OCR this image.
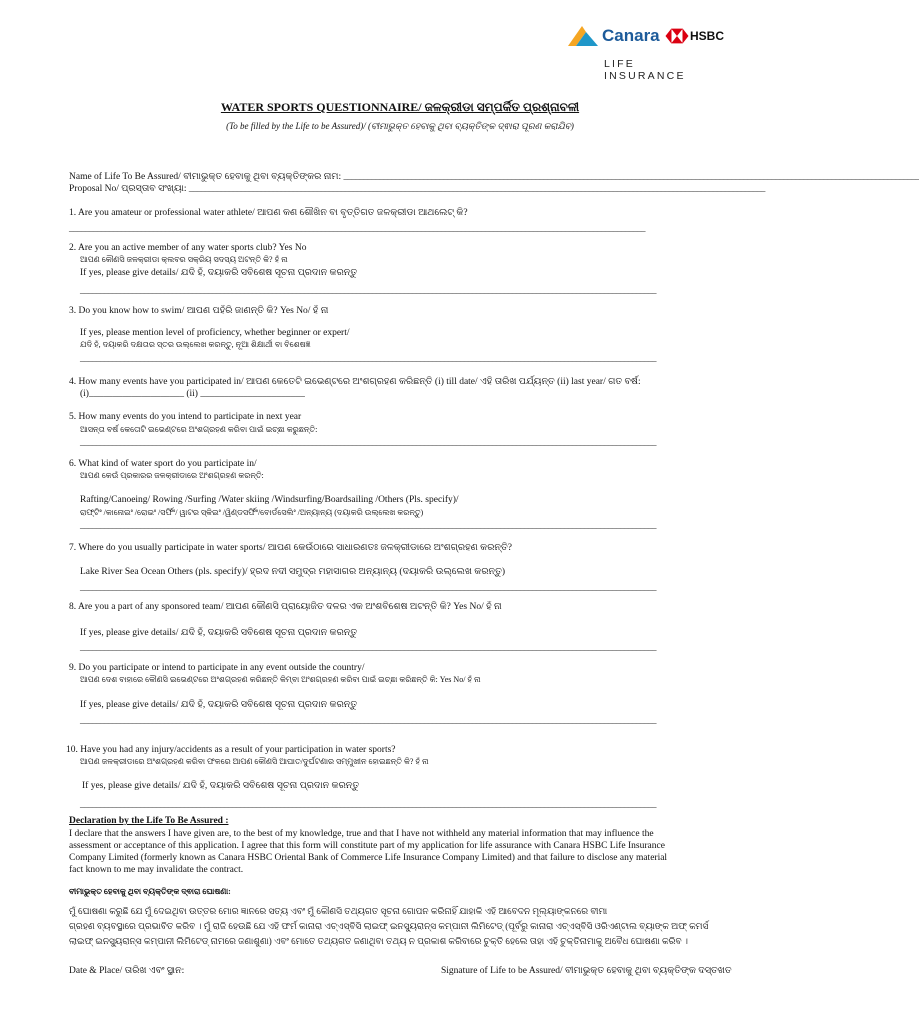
Canara	HSBC
LIFE INSURANCE
WATER SPORTS QUESTIONNAIRE/ ଜଳକ୍ରୀଡା ସମ୍ପର୍କିତ ପ୍ରଶ୍ନାବଳୀ
(To be filled by the Life to be Assured)/ (ବୀମାଭୁକ୍ତ ହେବାକୁ ଥିବା ବ୍ୟକ୍ତିଙ୍କ ଦ୍ଵାରା ପୂରଣ କରାଯିବ)
Name of Life To Be Assured/ ବୀମାଭୁକ୍ତ ହେବାକୁ ଥିବା ବ୍ୟକ୍ତିଙ୍କର ନାମ: ________________________________________________________________________________________________________________________________________________
Proposal No/ ପ୍ରସ୍ତାବ ସଂଖ୍ୟା: ________________________________________________________________________________________________________________________________________________
1. Are you amateur or professional water athlete/ ଆପଣ କଣ ଶୌଖିନ ବା ବୃତ୍ତିଗତ ଜଳକ୍ରୀଡା ଆଥଲେଟ୍ କି?
________________________________________________________________________________________________________________________________________________
2. Are you an active member of any water sports club? Yes No
ଆପଣ କୌଣସି ଜଳକ୍ରୀଡା କ୍ଲବର ସକ୍ରିୟ ସଦସ୍ୟ ଅଟନ୍ତି କି? ହଁ ନା
If yes, please give details/ ଯଦି ହଁ, ଦୟାକରି ସବିଶେଷ ସୂଚନା ପ୍ରଦାନ କରନ୍ତୁ
________________________________________________________________________________________________________________________________________________
3. Do you know how to swim/ ଆପଣ ପହଁରି ଜାଣନ୍ତି କି? Yes No/ ହଁ ନା
If yes, please mention level of proficiency, whether beginner or expert/
ଯଦି ହଁ, ଦୟାକରି ଦକ୍ଷତାର ସ୍ତର ଉଲ୍ଲେଖ କରନ୍ତୁ, ନୂଆ ଶିକ୍ଷାର୍ଥୀ ବା ବିଶେଷଜ୍ଞ
________________________________________________________________________________________________________________________________________________
4. How many events have you participated in/ ଆପଣ କେତେଟି ଇଭେଣ୍ଟରେ ଅଂଶଗ୍ରହଣ କରିଛନ୍ତି (i) till date/ ଏହି ତାରିଖ ପର୍ଯ୍ୟନ୍ତ (ii) last year/ ଗତ ବର୍ଷ:
(i)____________________ (ii) ______________________
5. How many events do you intend to participate in next year
ଆସନ୍ତା ବର୍ଷ କେତୋଟି ଇଭେଣ୍ଟରେ ଅଂଶଗ୍ରହଣ କରିବା ପାଇଁ ଇଚ୍ଛା କରୁଛନ୍ତି:
________________________________________________________________________________________________________________________________________________
6. What kind of water sport do you participate in/
ଆପଣ କେଉଁ ପ୍ରକାରର ଜଳକ୍ରୀଡାରେ ଅଂଶଗ୍ରହଣ କରନ୍ତି:
Rafting/Canoeing/ Rowing /Surfing /Water skiing /Windsurfing/Boardsailing /Others (Pls. specify)/
ରାଫ୍ଟିଂ /କାନୋଇଂ /ରୋଇଂ /ସର୍ଫିଂ/ ୱାଟର ସ୍କିଇଂ /ୱିଣ୍ଡସର୍ଫିଂ/ବୋର୍ଡସେଲିଂ /ଅନ୍ୟାନ୍ୟ (ଦୟାକରି ଉଲ୍ଲେଖ କରନ୍ତୁ)
________________________________________________________________________________________________________________________________________________
7. Where do you usually participate in water sports/ ଆପଣ କେଉଁଠାରେ ସାଧାରଣତଃ ଜଳକ୍ରୀଡାରେ ଅଂଶଗ୍ରହଣ କରନ୍ତି?
Lake River Sea Ocean Others (pls. specify)/ ହ୍ରଦ ନଦୀ ସମୁଦ୍ର ମହାସାଗର ଅନ୍ୟାନ୍ୟ (ଦୟାକରି ଉଲ୍ଲେଖ କରନ୍ତୁ)
________________________________________________________________________________________________________________________________________________
8. Are you a part of any sponsored team/ ଆପଣ କୌଣସି ପ୍ରାୟୋଜିତ ଦଳର ଏକ ଅଂଶବିଶେଷ ଅଟନ୍ତି କି? Yes No/ ହଁ ନା
If yes, please give details/ ଯଦି ହଁ, ଦୟାକରି ସବିଶେଷ ସୂଚନା ପ୍ରଦାନ କରନ୍ତୁ
________________________________________________________________________________________________________________________________________________
9. Do you participate or intend to participate in any event outside the country/
ଆପଣ ଦେଶ ବାହାରେ କୌଣସି ଇଭେଣ୍ଟରେ ଅଂଶଗ୍ରହଣ କରିଛନ୍ତି କିମ୍ବା ଅଂଶଗ୍ରହଣ କରିବା ପାଇଁ ଇଚ୍ଛା କରିଛନ୍ତି କି: Yes No/ ହଁ ନା
If yes, please give details/ ଯଦି ହଁ, ଦୟାକରି ସବିଶେଷ ସୂଚନା ପ୍ରଦାନ କରନ୍ତୁ
________________________________________________________________________________________________________________________________________________
10. Have you had any injury/accidents as a result of your participation in water sports?
ଆପଣ ଜଳକ୍ରୀଡାରେ ଅଂଶଗ୍ରହଣ କରିବା ଫଳରେ ଆପଣ କୌଣସି ଆଘାତ/ଦୁର୍ଘଟଣାର ସମ୍ମୁଖୀନ ହୋଇଛନ୍ତି କି? ହଁ ନା
If yes, please give details/ ଯଦି ହଁ, ଦୟାକରି ସବିଶେଷ ସୂଚନା ପ୍ରଦାନ କରନ୍ତୁ
________________________________________________________________________________________________________________________________________________
Declaration by the Life To Be Assured :
I declare that the answers I have given are, to the best of my knowledge, true and that I have not withheld any material information that may influence the
assessment or acceptance of this application. I agree that this form will constitute part of my application for life assurance with Canara HSBC Life Insurance
Company Limited (formerly known as Canara HSBC Oriental Bank of Commerce Life Insurance Company Limited) and that failure to disclose any material
fact known to me may invalidate the contract.
ବୀମାଭୁକ୍ତ ହେବାକୁ ଥିବା ବ୍ୟକ୍ତିଙ୍କ ଦ୍ଵାରା ଘୋଷଣା:
ମୁଁ ଘୋଷଣା କରୁଛି ଯେ ମୁଁ ଦେଇଥିବା ଉତ୍ତର ମୋର ଜ୍ଞାନରେ ସତ୍ୟ ଏବଂ ମୁଁ କୌଣସି ତଥ୍ୟଗତ ସୂଚନା ଗୋପନ କରିନାହିଁ ଯାହାକି ଏହି ଆବେଦନ ମୂଲ୍ୟାଙ୍କନରେ ବୀମା
ଗ୍ରହଣ ବ୍ୟବସ୍ଥାରେ ପ୍ରଭାବିତ କରିବ । ମୁଁ ରାଜି ହେଉଛି ଯେ ଏହି ଫର୍ମ କାନାରା ଏଚ୍ଏସ୍ବିସି ଲାଇଫ୍ ଇନସ୍ୟୁରାନ୍ସ କମ୍ପାନୀ ଲିମିଟେଡ୍ (ପୂର୍ବରୁ କାନାରା ଏଚ୍ଏସ୍ବିସି ଓରିଏଣ୍ଟାଲ ବ୍ୟାଙ୍କ ଅଫ୍ କମର୍ସ
ଲାଇଫ୍ ଇନସ୍ୟୁରାନ୍ସ କମ୍ପାନୀ ଲିମିଟେଡ୍ ନାମରେ ଜଣାଶୁଣା) ଏବଂ ମୋତେ ତଥ୍ୟଗତ ଜଣାଥିବା ତଥ୍ୟ ନ ପ୍ରକାଶ କରିବାରେ ଚୁକ୍ତି ହେଲେ ତାହା ଏହି ଚୁକ୍ତିନାମାକୁ ଅବୈଧ ଘୋଷଣା କରିବ ।
Date & Place/ ତାରିଖ ଏବଂ ସ୍ଥାନ:	Signature of Life to be Assured/ ବୀମାଭୁକ୍ତ ହେବାକୁ ଥିବା ବ୍ୟକ୍ତିଙ୍କ ଦସ୍ତଖତ
